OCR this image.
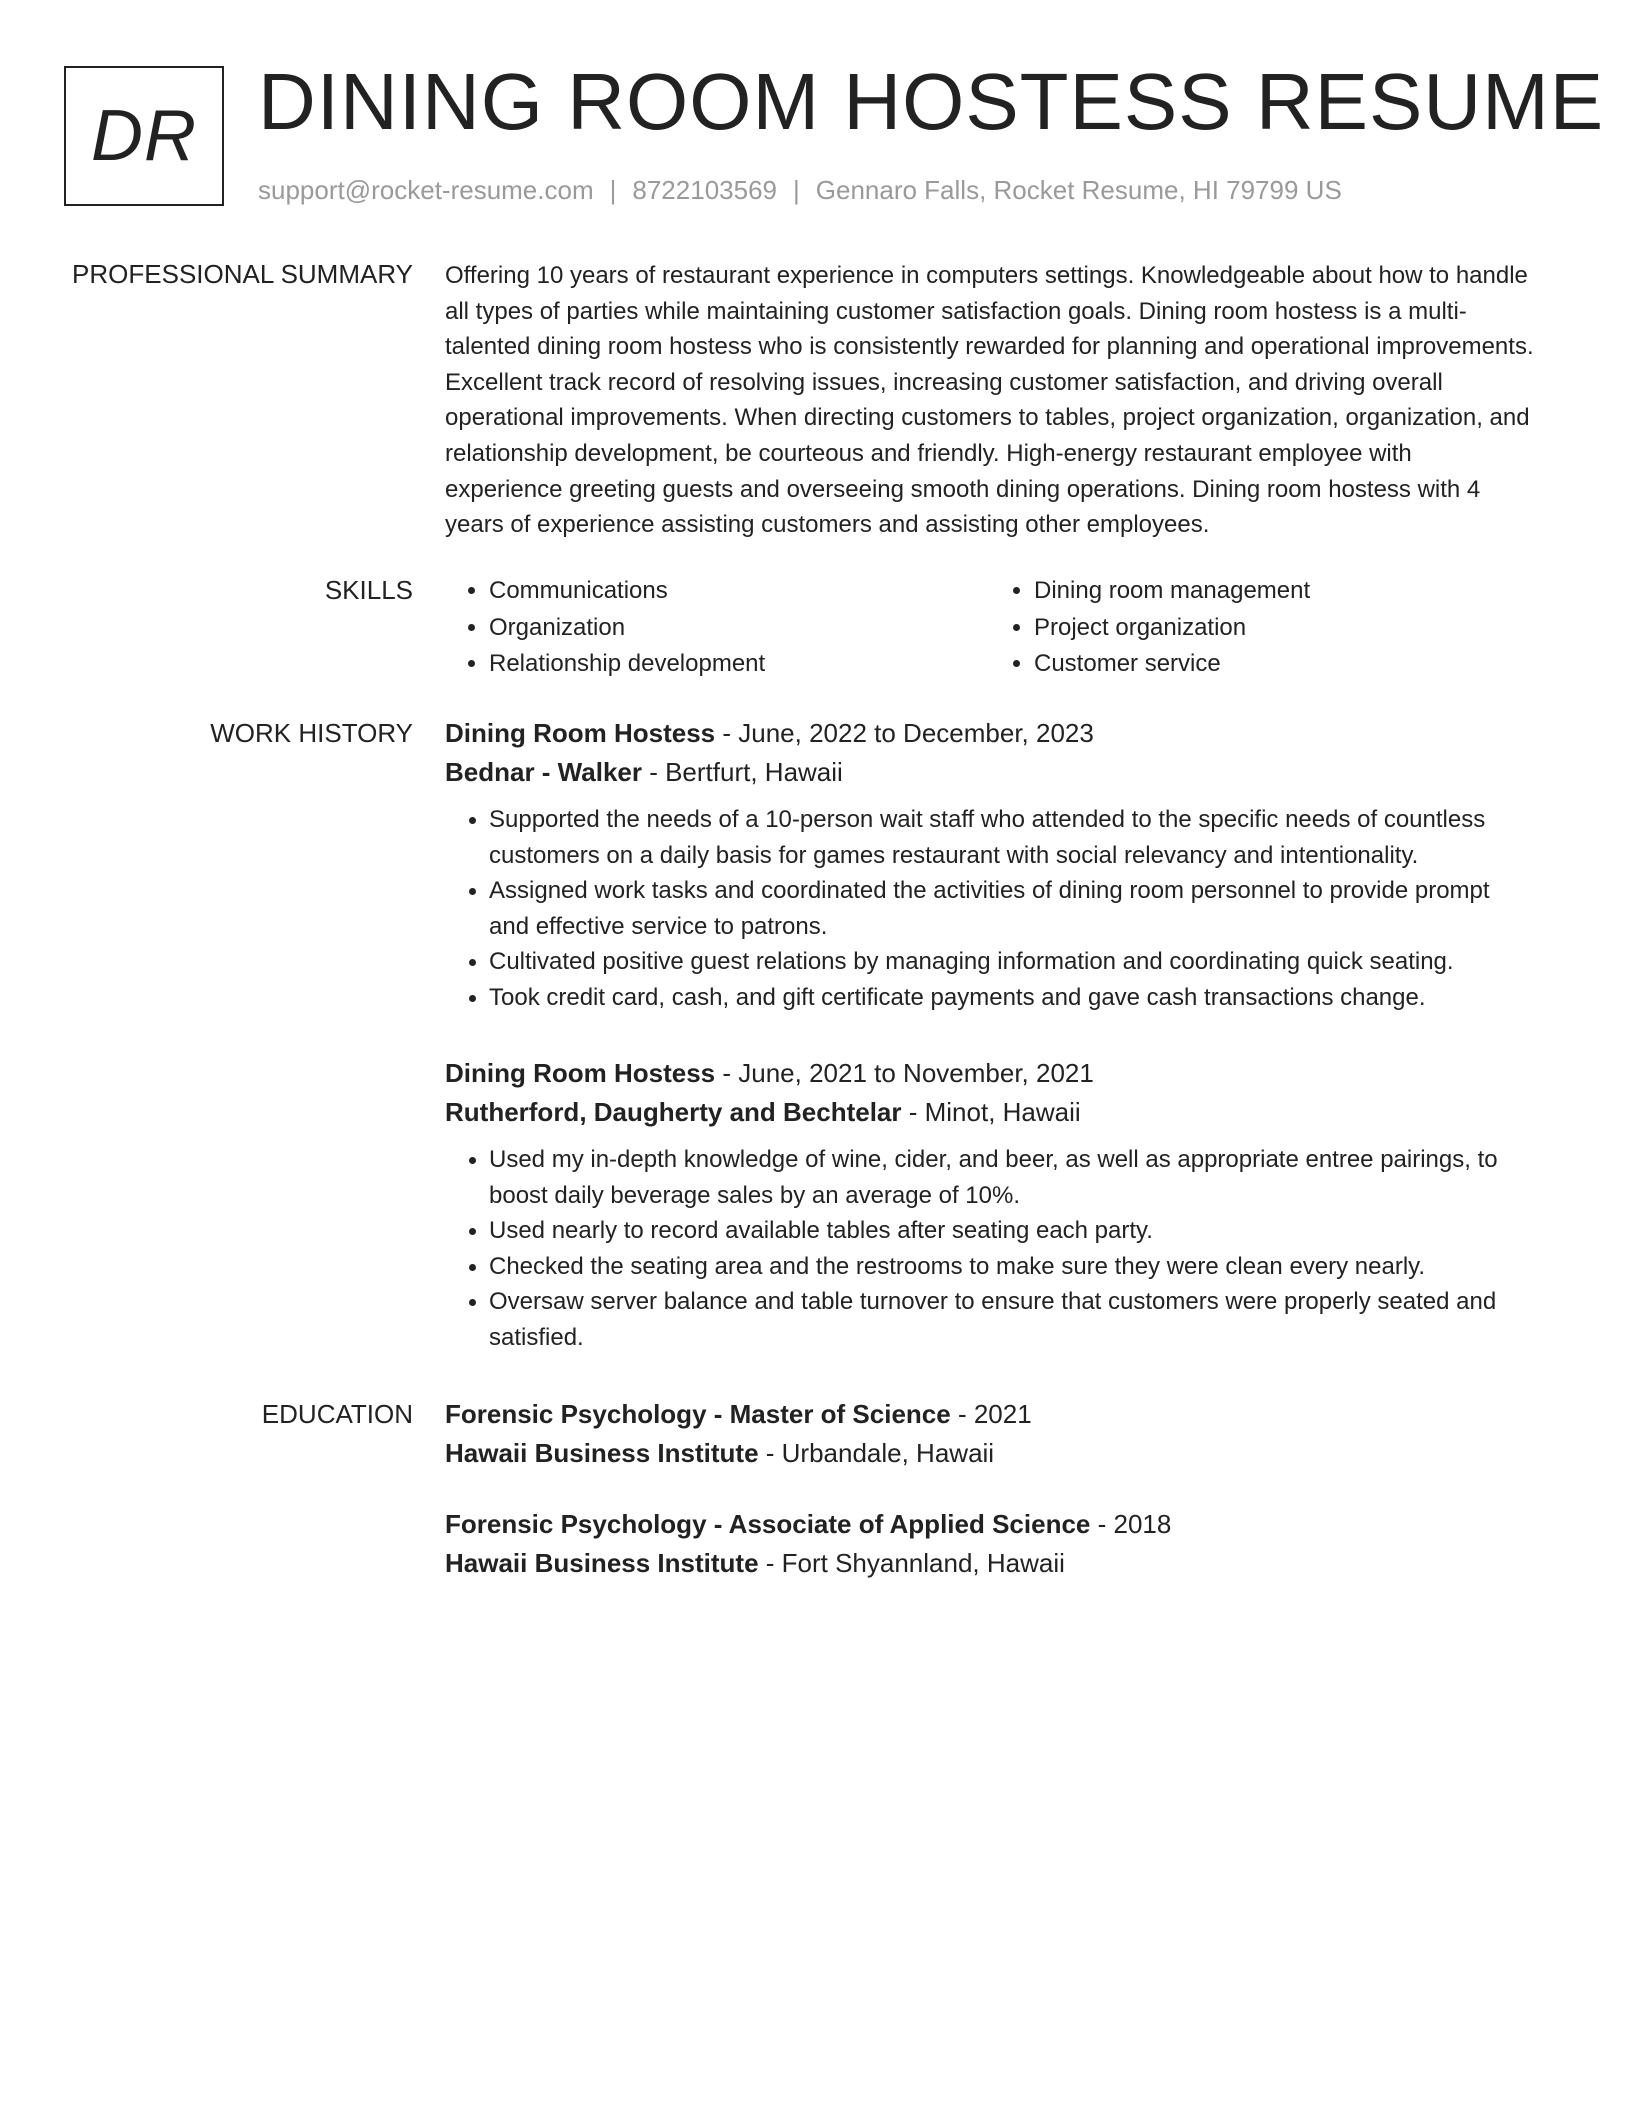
DR DINING ROOM HOSTESS RESUME
support@rocket-resume.com | 8722103569 | Gennaro Falls, Rocket Resume, HI 79799 US
PROFESSIONAL SUMMARY Offering 10 years of restaurant experience in computers settings. Knowledgeable about how to handle all types of parties while maintaining customer satisfaction goals. Dining room hostess is a multi-talented dining room hostess who is consistently rewarded for planning and operational improvements. Excellent track record of resolving issues, increasing customer satisfaction, and driving overall operational improvements. When directing customers to tables, project organization, organization, and relationship development, be courteous and friendly. High-energy restaurant employee with experience greeting guests and overseeing smooth dining operations. Dining room hostess with 4 years of experience assisting customers and assisting other employees.

SKILLS
•	Communications
• Organization
• Relationship development
• Dining room management
• Project organization
• Customer service
WORK HISTORY Dining Room Hostess - June, 2022 to December, 2023
Bednar - Walker - Bertfurt, Hawaii
• Supported the needs of a 10-person wait staff who attended to the specific needs of countless customers on a daily basis for games restaurant with social relevancy and intentionality.
• Assigned work tasks and coordinated the activities of dining room personnel to provide prompt and effective service to patrons.
• Cultivated positive guest relations by managing information and coordinating quick seating.
• Took credit card, cash, and gift certificate payments and gave cash transactions change.
Dining Room Hostess - June, 2021 to November, 2021
Rutherford, Daugherty and Bechtelar - Minot, Hawaii
• Used my in-depth knowledge of wine, cider, and beer, as well as appropriate entree pairings, to boost daily beverage sales by an average of 10%.
• Used nearly to record available tables after seating each party.
• Checked the seating area and the restrooms to make sure they were clean every nearly.
• Oversaw server balance and table turnover to ensure that customers were properly seated and satisfied.
EDUCATION Forensic Psychology - Master of Science - 2021
Hawaii Business Institute - Urbandale, Hawaii
Forensic Psychology - Associate of Applied Science - 2018
Hawaii Business Institute - Fort Shyannland, Hawaii
